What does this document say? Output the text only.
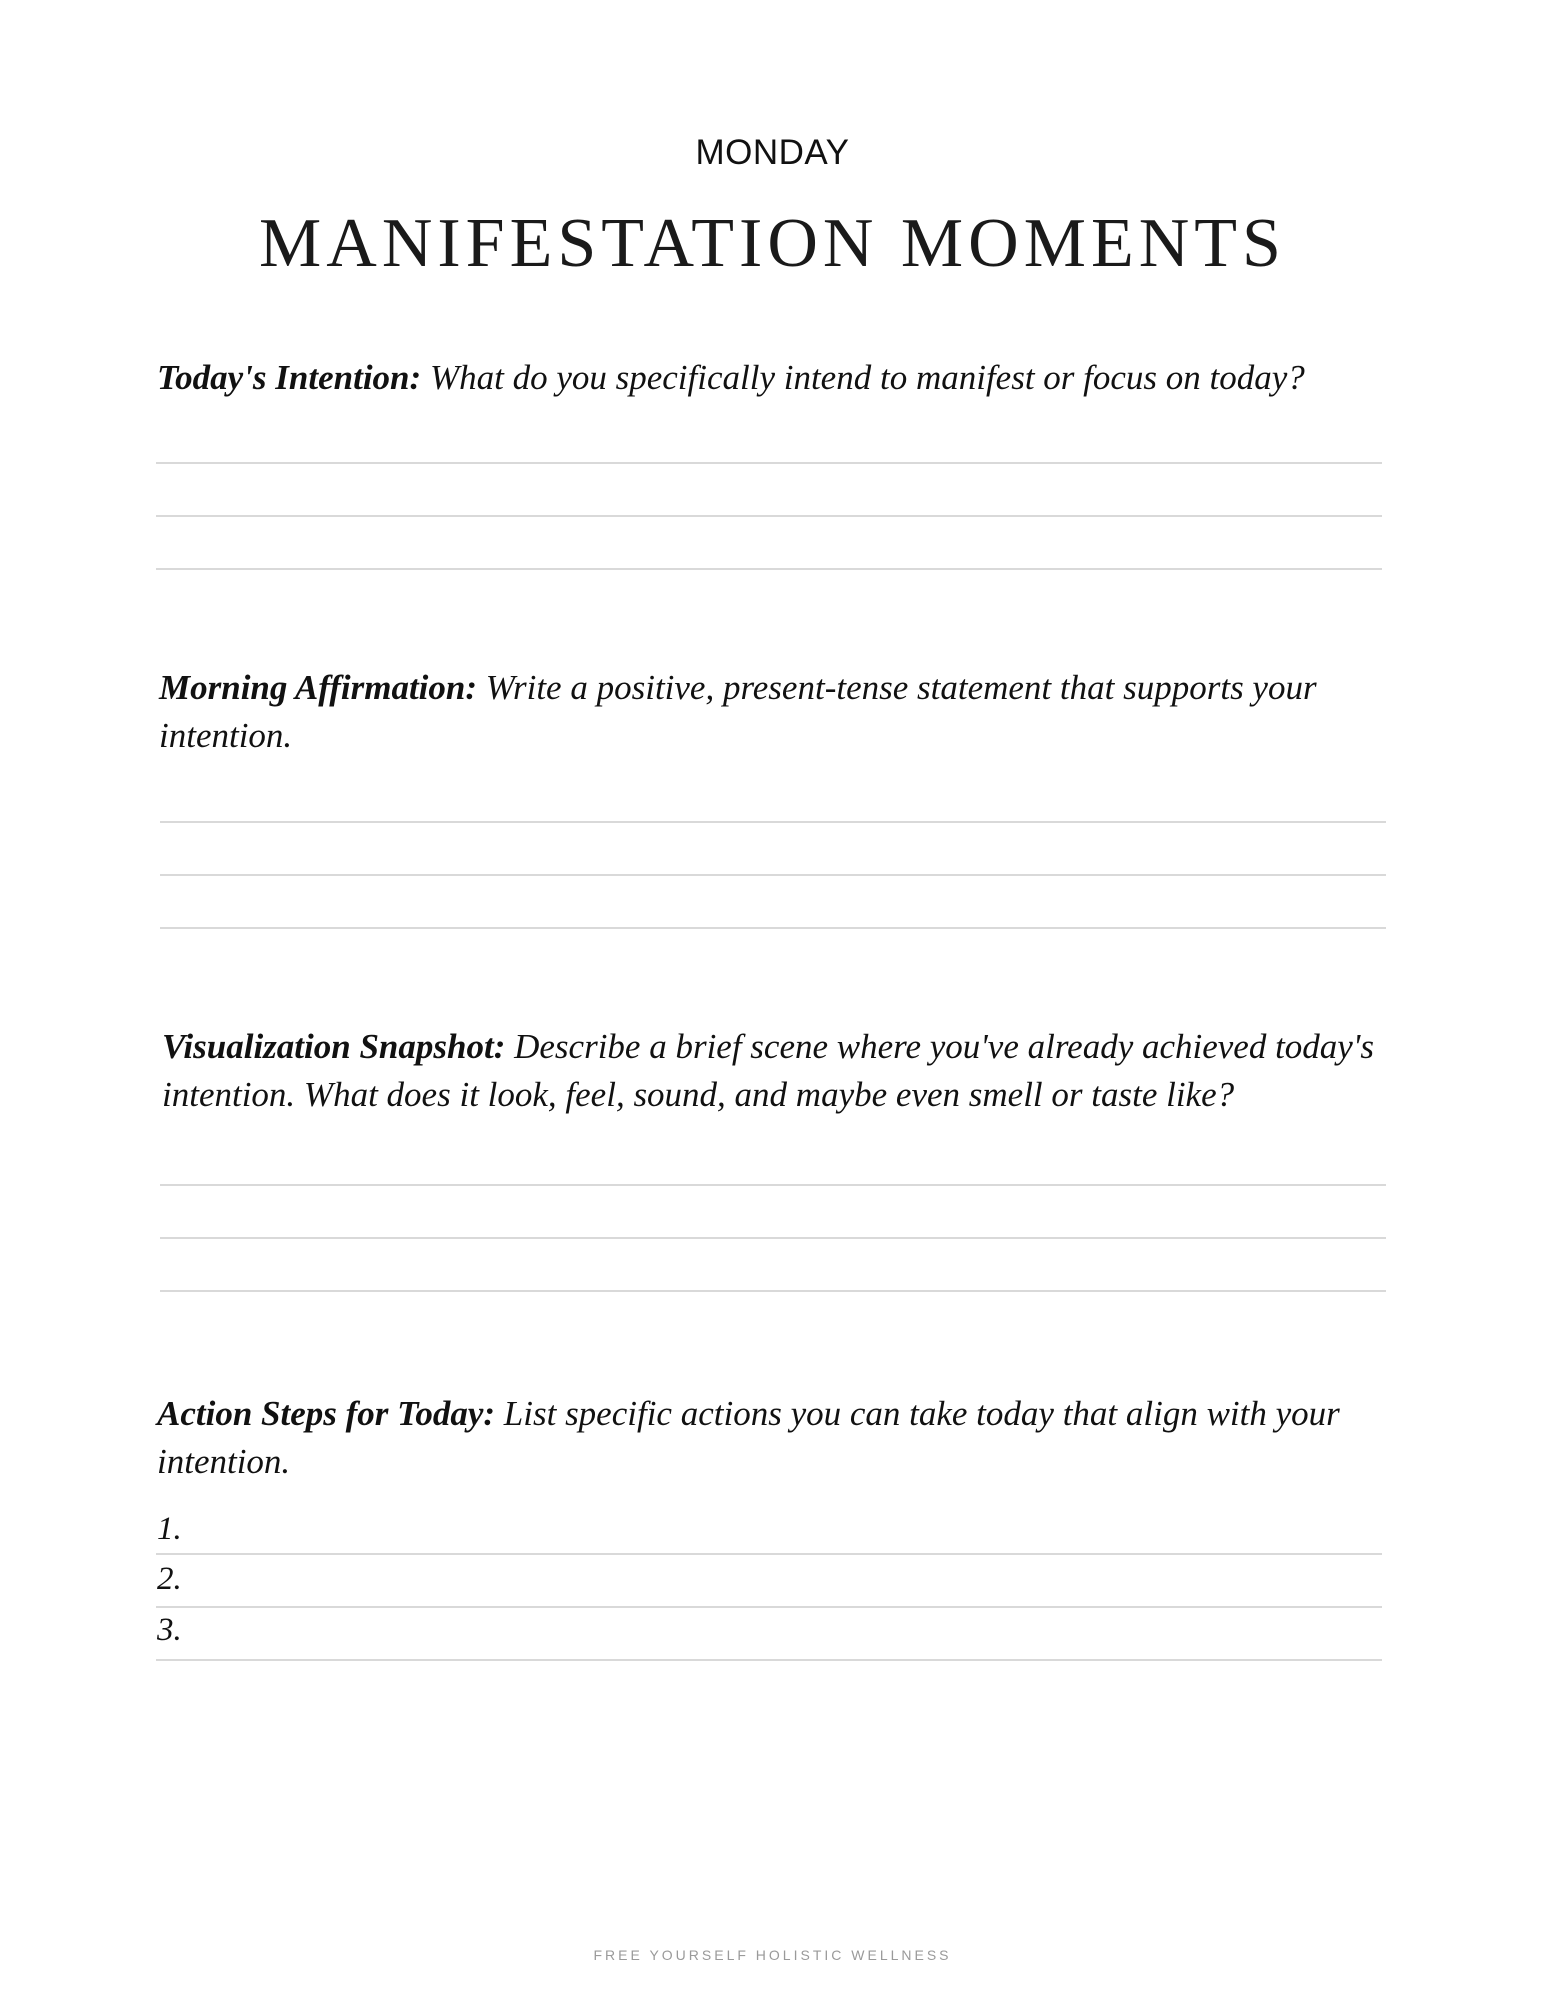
MONDAY
MANIFESTATION MOMENTS

Today's Intention: What do you specifically intend to manifest or focus on today?

Morning Affirmation: Write a positive, present-tense statement that supports your intention.

Visualization Snapshot: Describe a brief scene where you've already achieved today's intention. What does it look, feel, sound, and maybe even smell or taste like?

Action Steps for Today: List specific actions you can take today that align with your intention.

1.
2.
3.
FREE YOURSELF HOLISTIC WELLNESS
